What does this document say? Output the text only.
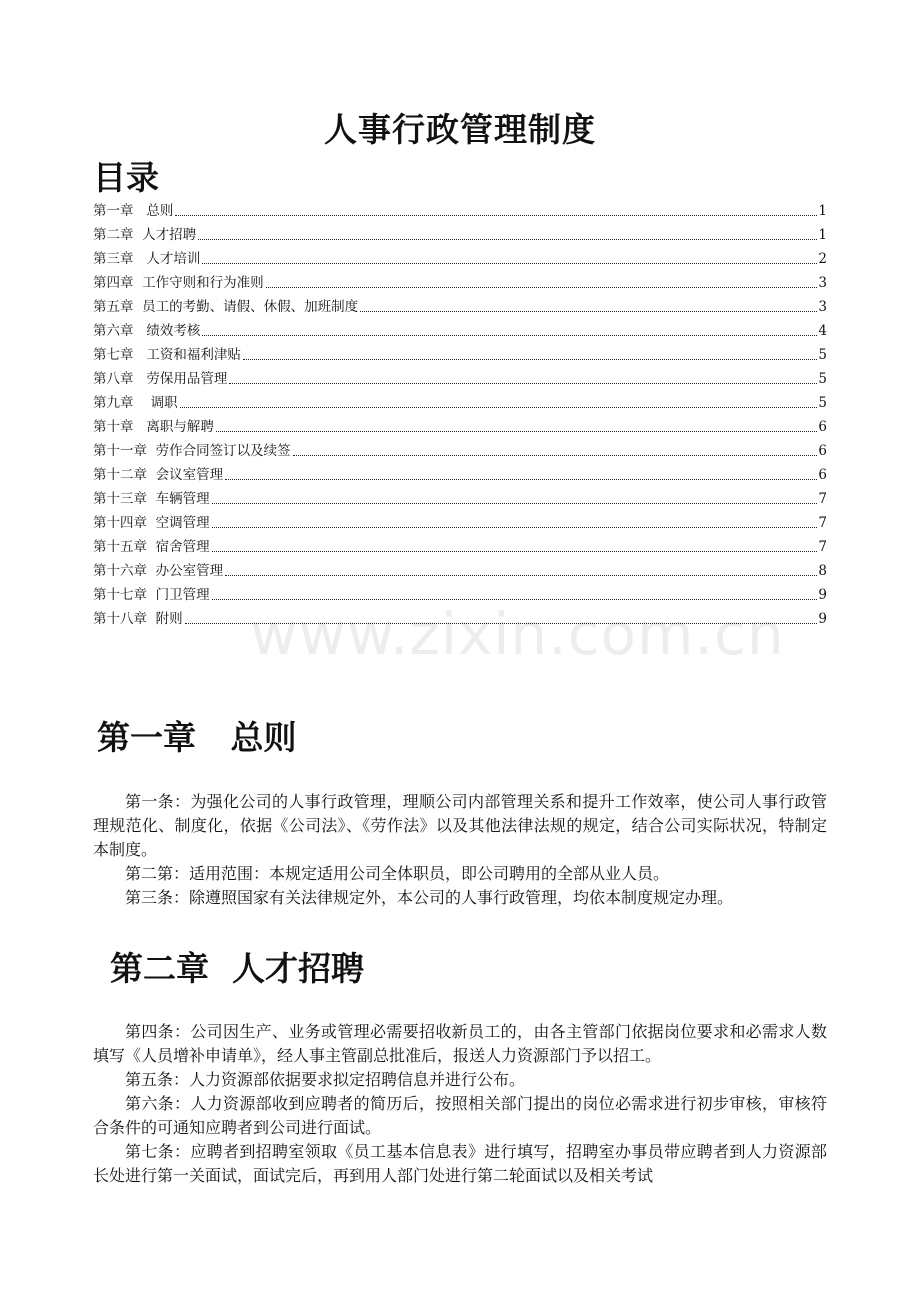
人事行政管理制度
目录
第一章   总则	1
第二章  人才招聘	1
第三章   人才培训	2
第四章  工作守则和行为准则	3
第五章  员工的考勤、请假、休假、加班制度	3
第六章   绩效考核	4
第七章   工资和福利津贴	5
第八章   劳保用品管理	5
第九章    调职	5
第十章   离职与解聘	6
第十一章  劳作合同签订以及续签	6
第十二章  会议室管理	6
第十三章  车辆管理	7
第十四章  空调管理	7
第十五章  宿舍管理	7
第十六章  办公室管理	8
第十七章  门卫管理	9
第十八章  附则	9
www.zixin.com.cn
第一章   总则
第一条：为强化公司的人事行政管理，理顺公司内部管理关系和提升工作效率，使公司人事行政管理规范化、制度化，依据《公司法》、《劳作法》以及其他法律法规的规定，结合公司实际状况，特制定本制度。
第二第：适用范围：本规定适用公司全体职员，即公司聘用的全部从业人员。
第三条：除遵照国家有关法律规定外，本公司的人事行政管理，均依本制度规定办理。
第二章  人才招聘
第四条：公司因生产、业务或管理必需要招收新员工的，由各主管部门依据岗位要求和必需求人数填写《人员增补申请单》，经人事主管副总批准后，报送人力资源部门予以招工。
第五条：人力资源部依据要求拟定招聘信息并进行公布。
第六条：人力资源部收到应聘者的简历后，按照相关部门提出的岗位必需求进行初步审核，审核符合条件的可通知应聘者到公司进行面试。
第七条：应聘者到招聘室领取《员工基本信息表》进行填写，招聘室办事员带应聘者到人力资源部长处进行第一关面试，面试完后，再到用人部门处进行第二轮面试以及相关考试
